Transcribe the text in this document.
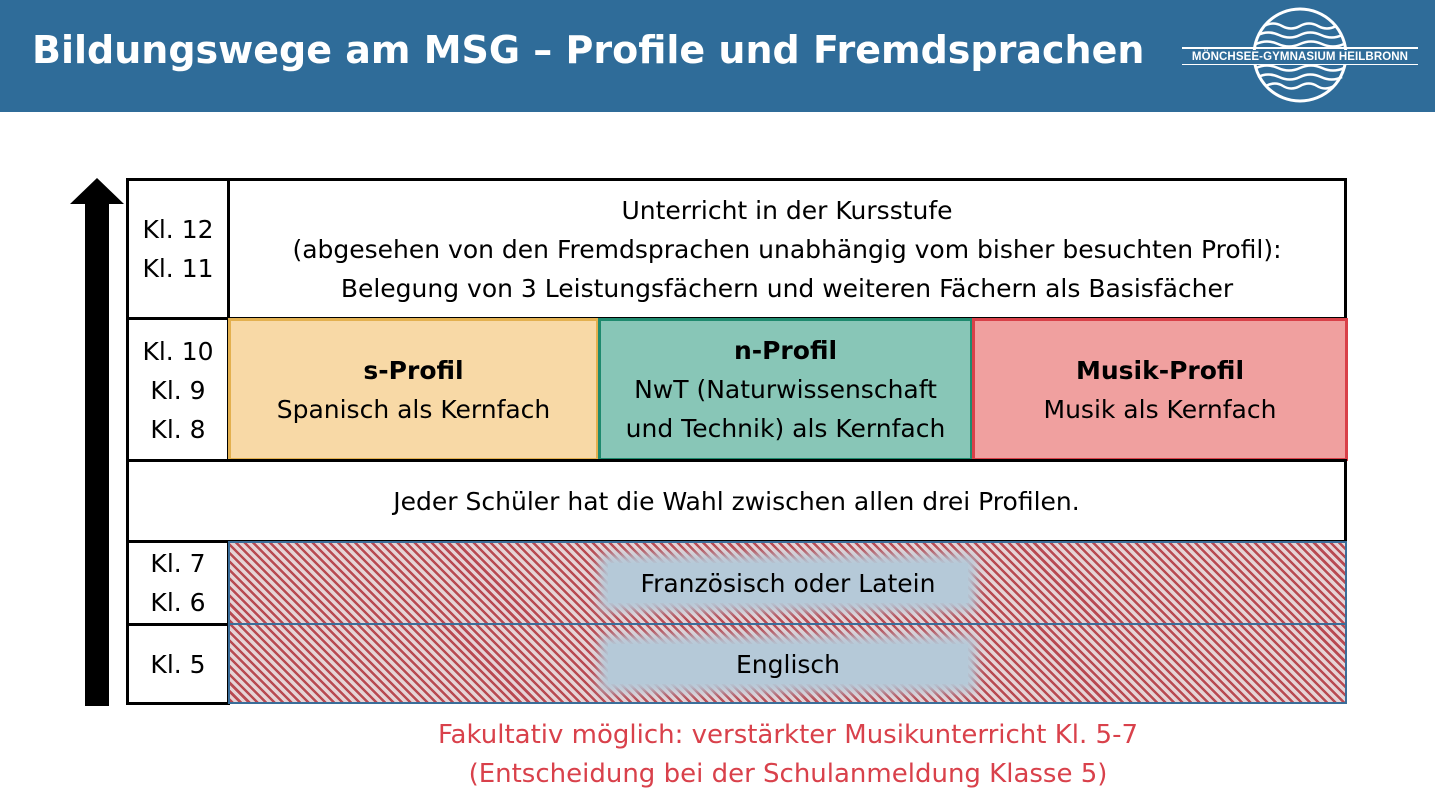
Bildungswege am MSG – Profile und Fremdsprachen	MÖNCHSEE-GYMNASIUM HEILBRONN
Kl. 12
Kl. 11
Unterricht in der Kursstufe
(abgesehen von den Fremdsprachen unabhängig vom bisher besuchten Profil):
Belegung von 3 Leistungsfächern und weiteren Fächern als Basisfächer
Kl. 10
Kl. 9
Kl. 8
s-Profil
Spanisch als Kernfach
n-Profil
NwT (Naturwissenschaft
und Technik) als Kernfach
Musik-Profil
Musik als Kernfach
Jeder Schüler hat die Wahl zwischen allen drei Profilen.
Kl. 7
Kl. 6
Französisch oder Latein
Kl. 5	Englisch
Fakultativ möglich: verstärkter Musikunterricht Kl. 5-7
(Entscheidung bei der Schulanmeldung Klasse 5)
